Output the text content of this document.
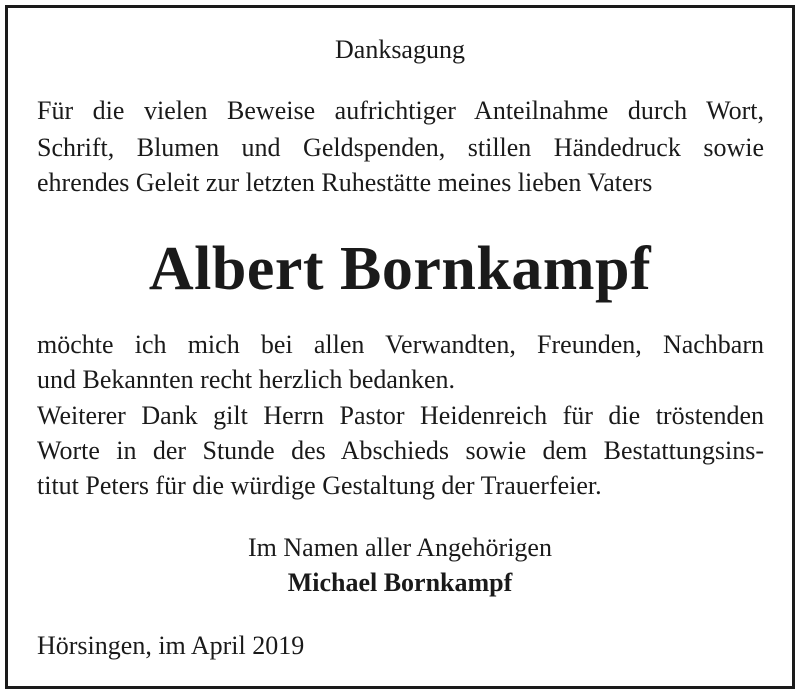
Danksagung
Für die vielen Beweise aufrichtiger Anteilnahme durch Wort,
Schrift, Blumen und Geldspenden, stillen Händedruck sowie
ehrendes Geleit zur letzten Ruhestätte meines lieben Vaters
Albert Bornkampf
möchte ich mich bei allen Verwandten, Freunden, Nachbarn
und Bekannten recht herzlich bedanken.
Weiterer Dank gilt Herrn Pastor Heidenreich für die tröstenden
Worte in der Stunde des Abschieds sowie dem Bestattungsins-
titut Peters für die würdige Gestaltung der Trauerfeier.
Im Namen aller Angehörigen
Michael Bornkampf
Hörsingen, im April 2019
